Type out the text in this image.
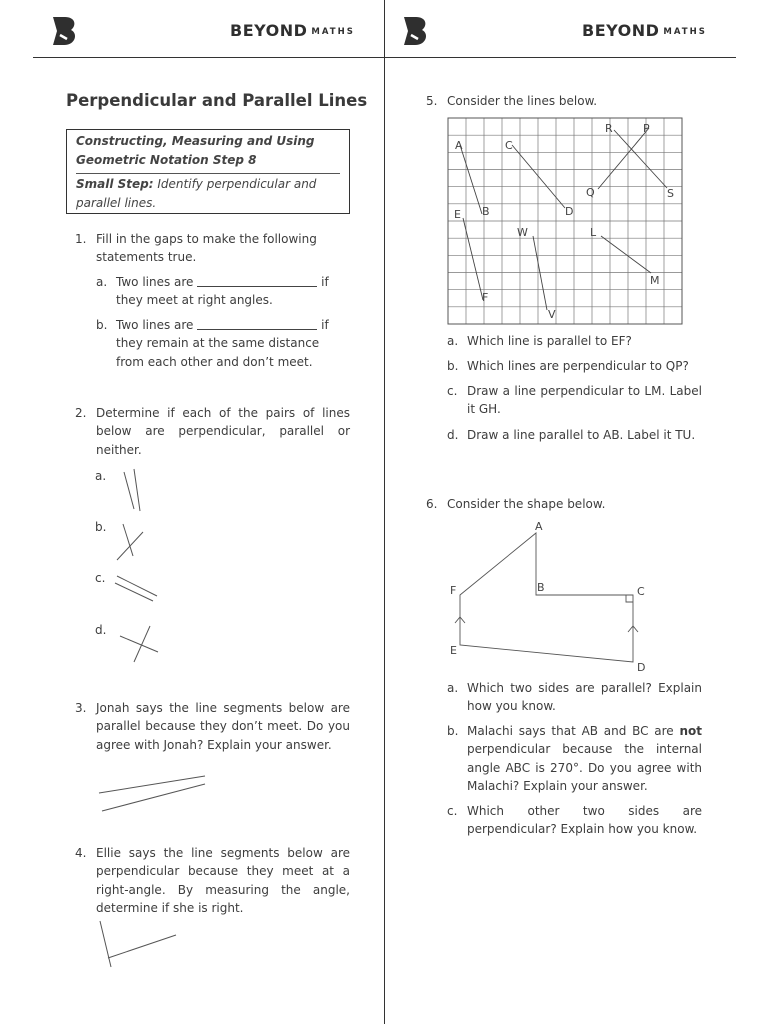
BEYOND MATHS	BEYOND MATHS
Perpendicular and Parallel Lines
Constructing, Measuring and Using Geometric Notation Step 8
Small Step: Identify perpendicular and parallel lines.
1. Fill in the gaps to make the following statements true.
a. Two lines are	if
they meet at right angles.
b. Two lines are	if
they remain at the same distance from each other and don’t meet.
2. Determine if each of the pairs of lines below are perpendicular, parallel or neither.
a.
b.
c.
d.
3. Jonah says the line segments below are parallel because they don’t meet. Do you agree with Jonah? Explain your answer.
4. Ellie says the line segments below are perpendicular because they meet at a right-angle. By measuring the angle, determine if she is right.
5. Consider the lines below.
R	P
A	C
Q	S
E B	D
W	L
M
F
V
a. Which line is parallel to EF?
b. Which lines are perpendicular to QP?
c. Draw a line perpendicular to LM. Label it GH.
d. Draw a line parallel to AB. Label it TU.
6. Consider the shape below.
A
B	C
D
E
F
a. Which two sides are parallel? Explain how you know.
b. Malachi says that AB and BC are not perpendicular because the internal angle ABC is 270°. Do you agree with Malachi? Explain your answer.
c. Which other two sides are perpendicular? Explain how you know.
